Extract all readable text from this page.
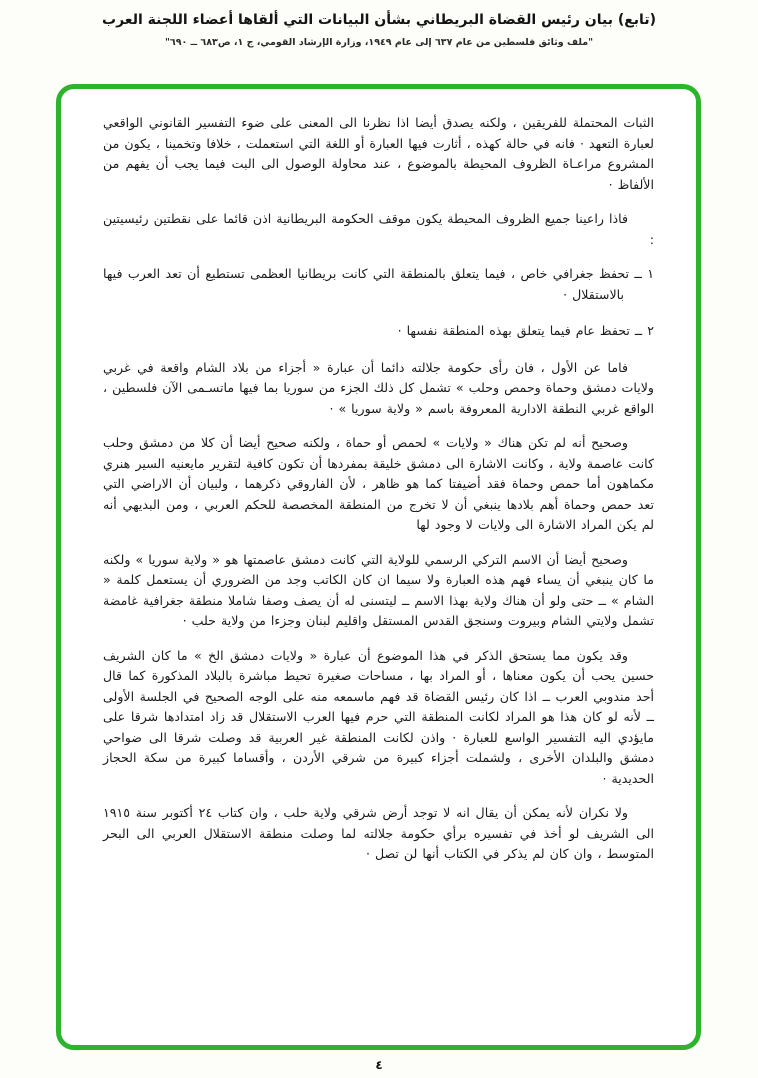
(تابع) بيان رئيس القضاة البريطاني بشأن البيانات التي ألقاها أعضاء اللجنة العرب
"ملف وثائق فلسطين من عام ٦٣٧ إلى عام ١٩٤٩، وزارة الإرشاد القومي، ج ١، ص٦٨٣ ــ ٦٩٠"

الثبات المحتملة للفريقين ، ولكنه يصدق أيضا اذا نظرنا الى المعنى على ضوء التفسير القانوني الواقعي لعبارة التعهد · فانه في حالة كهذه ، أثارت فيها العبارة أو اللغة التي استعملت ، خلافا وتخمينا ، يكون من المشروع مراعـاة الظروف المحيطة بالموضوع ، عند محاولة الوصول الى البت فيما يجب أن يفهم من الألفاظ ·

فاذا راعينا جميع الظروف المحيطة يكون موقف الحكومة البريطانية اذن قائما على نقطتين رئيسيتين :

١ ــ تحفظ جغرافي خاص ، فيما يتعلق بالمنطقة التي كانت بريطانيا العظمى تستطيع أن تعد العرب فيها بالاستقلال ·

٢ ــ تحفظ عام فيما يتعلق بهذه المنطقة نفسها ·

فاما عن الأول ، فان رأى حكومة جلالته دائما أن عبارة « أجزاء من بلاد الشام واقعة في غربي ولايات دمشق وحماة وحمص وحلب » تشمل كل ذلك الجزء من سوريا بما فيها ماتسـمى الآن فلسطين ، الواقع غربي النطقة الادارية المعروفة باسم « ولاية سوريا » ·

وصحيح أنه لم تكن هناك « ولايات » لحمص أو حماة ، ولكنه صحيح أيضا أن كلا من دمشق وحلب كانت عاصمة ولاية ، وكانت الاشارة الى دمشق خليقة بمفردها أن تكون كافية لتقرير مايعنيه السير هنري مكماهون أما حمص وحماة فقد أضيفتا كما هو ظاهر ، لأن الفاروقي ذكرهما ، ولبيان أن الاراضي التي تعد حمص وحماة أهم بلادها ينبغي أن لا تخرج من المنطقة المخصصة للحكم العربي ، ومن البديهي أنه لم يكن المراد الاشارة الى ولايات لا وجود لها

وصحيح أيضا أن الاسم التركي الرسمي للولاية التي كانت دمشق عاصمتها هو « ولاية سوريا » ولكنه ما كان ينبغي أن يساء فهم هذه العبارة ولا سيما ان كان الكاتب وجد من الضروري أن يستعمل كلمة « الشام » ــ حتى ولو أن هناك ولاية بهذا الاسم ــ ليتسنى له أن يصف وصفا شاملا منطقة جغرافية غامضة تشمل ولايتي الشام وبيروت وسنجق القدس المستقل واقليم لبنان وجزءا من ولاية حلب ·

وقد يكون مما يستحق الذكر في هذا الموضوع أن عبارة « ولايات دمشق الخ » ما كان الشريف حسين يحب أن يكون معناها ، أو المراد بها ، مساحات صغيرة تحيط مباشرة بالبلاد المذكورة كما قال أحد مندوبي العرب ــ اذا كان رئيس القضاة قد فهم ماسمعه منه على الوجه الصحيح في الجلسة الأولى ــ لأنه لو كان هذا هو المراد لكانت المنطقة التي حرم فيها العرب الاستقلال قد زاد امتدادها شرقا على مايؤدي اليه التفسير الواسع للعبارة · واذن لكانت المنطقة غير العربية قد وصلت شرقا الى ضواحي دمشق والبلدان الأخرى ، ولشملت أجزاء كبيرة من شرقي الأردن ، وأقساما كبيرة من سكة الحجاز الحديدية ·

ولا نكران لأنه يمكن أن يقال انه لا توجد أرض شرقي ولاية حلب ، وان كتاب ٢٤ أكتوبر سنة ١٩١٥ الى الشريف لو أخذ في تفسيره برأي حكومة جلالته لما وصلت منطقة الاستقلال العربي الى البحر المتوسط ، وان كان لم يذكر في الكتاب أنها لن تصل ·

٤
